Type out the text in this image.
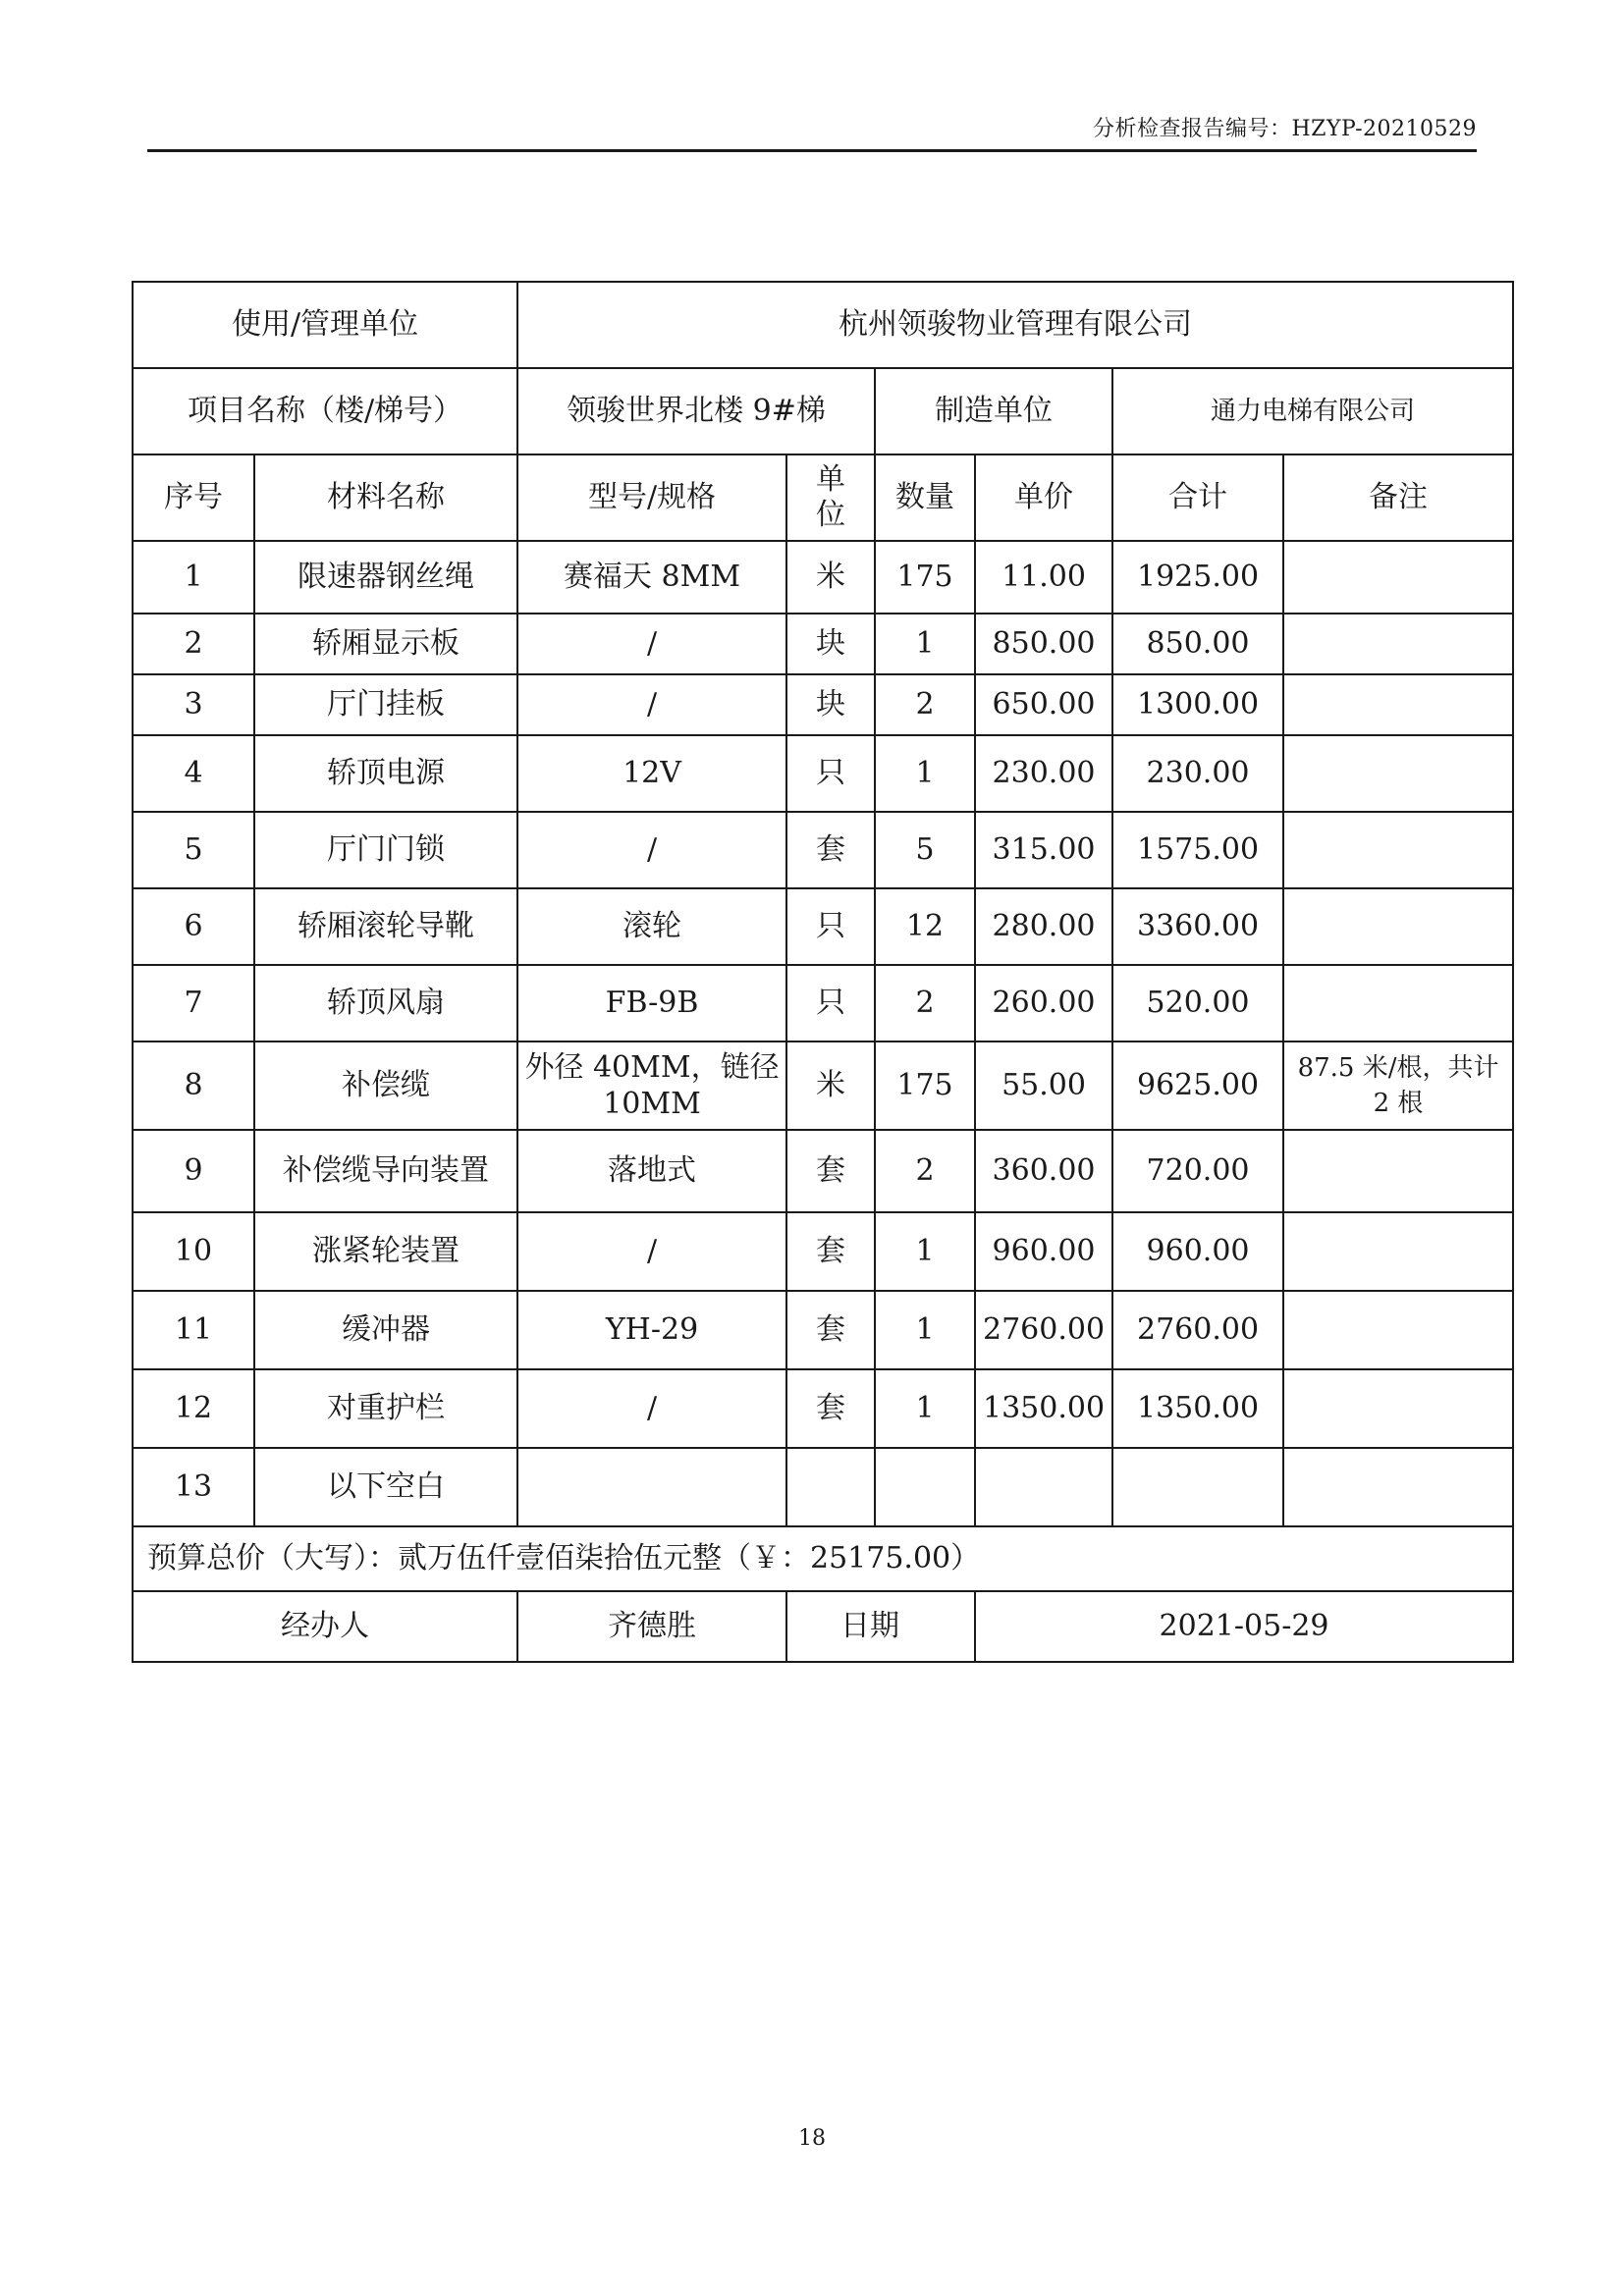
分析检查报告编号：HZYP-20210529
使用/管理单位		杭州领骏物业管理有限公司					
项目名称（楼/梯号）		领骏世界北楼 9#梯		制造单位		通力电梯有限公司	
序号	材料名称	型号/规格	单位	数量	单价	合计	备注
1	限速器钢丝绳	赛福天 8MM	米	175	11.00	1925.00	
2	轿厢显示板	/	块	1	850.00	850.00	
3	厅门挂板	/	块	2	650.00	1300.00	
4	轿顶电源	12V	只	1	230.00	230.00	
5	厅门门锁	/	套	5	315.00	1575.00	
6	轿厢滚轮导靴	滚轮	只	12	280.00	3360.00	
7	轿顶风扇	FB-9B	只	2	260.00	520.00	
8	补偿缆	外径 40MM，链径 10MM	米	175	55.00	9625.00	87.5 米/根，共计 2 根
9	补偿缆导向装置	落地式	套	2	360.00	720.00	
10	涨紧轮装置	/	套	1	960.00	960.00	
11	缓冲器	YH-29	套	1	2760.00	2760.00	
12	对重护栏	/	套	1	1350.00	1350.00	
13	以下空白						
预算总价（大写）：贰万伍仟壹佰柒拾伍元整（￥：25175.00）							
经办人		齐德胜	日期		2021-05-29		
18
